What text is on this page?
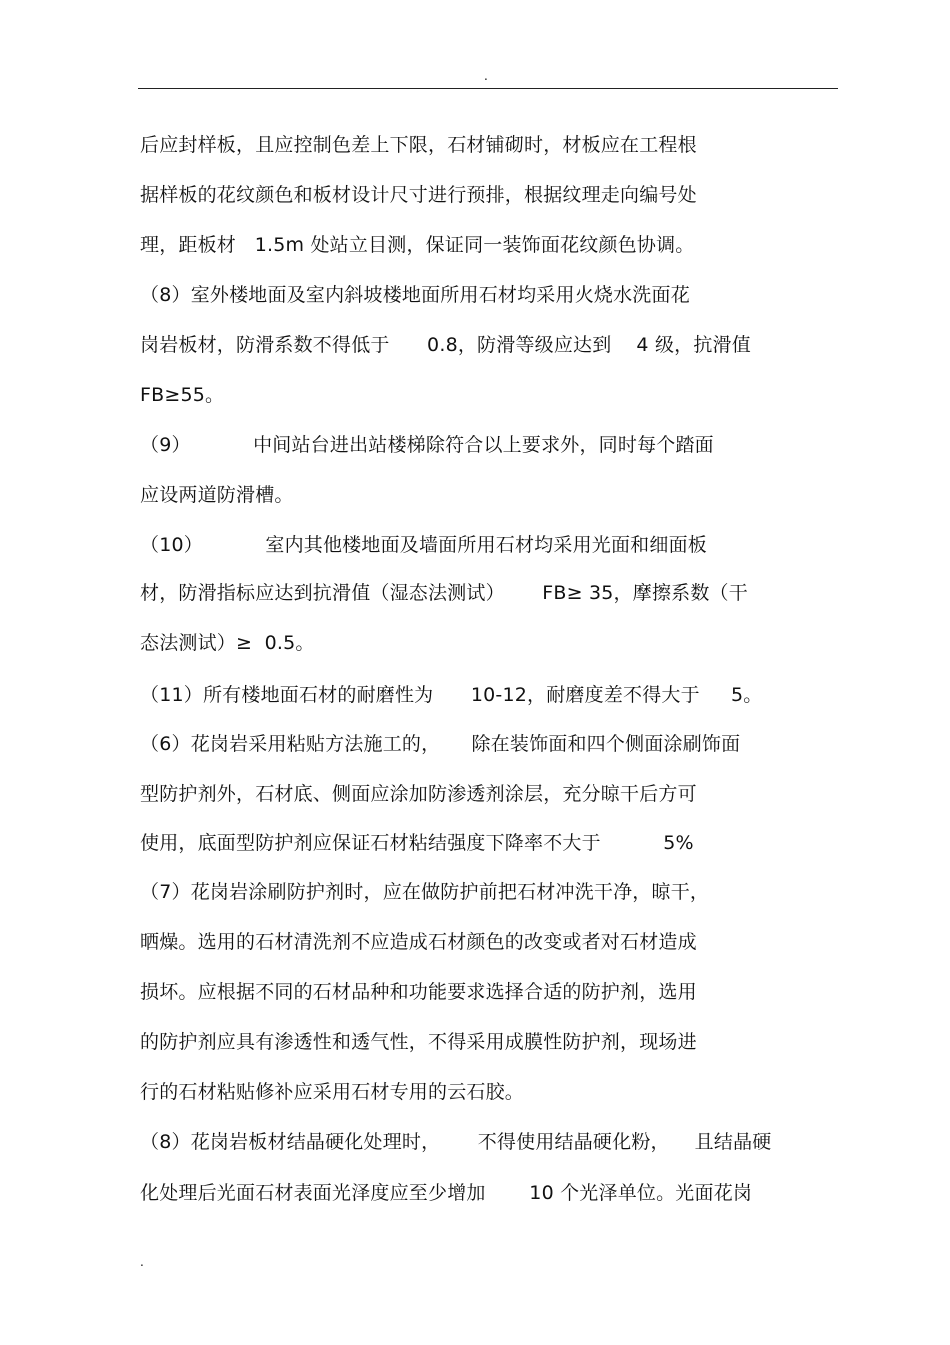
.
后应封样板，且应控制色差上下限，石材铺砌时，材板应在工程根
据样板的花纹颜色和板材设计尺寸进行预排，根据纹理走向编号处
理，距板材   1.5m 处站立目测，保证同一装饰面花纹颜色协调。
（8）室外楼地面及室内斜坡楼地面所用石材均采用火烧水洗面花
岗岩板材，防滑系数不得低于      0.8，防滑等级应达到    4 级，抗滑值
FB≥55。
（9）          中间站台进出站楼梯除符合以上要求外，同时每个踏面
应设两道防滑槽。
（10）          室内其他楼地面及墙面所用石材均采用光面和细面板
材，防滑指标应达到抗滑值（湿态法测试）      FB≥ 35，摩擦系数（干
态法测试）≥  0.5。
（11）所有楼地面石材的耐磨性为      10-12，耐磨度差不得大于     5。
（6）花岗岩采用粘贴方法施工的，     除在装饰面和四个侧面涂刷饰面
型防护剂外，石材底、侧面应涂加防渗透剂涂层，充分晾干后方可
使用，底面型防护剂应保证石材粘结强度下降率不大于          5%
（7）花岗岩涂刷防护剂时，应在做防护前把石材冲洗干净，晾干，
晒燥。选用的石材清洗剂不应造成石材颜色的改变或者对石材造成
损坏。应根据不同的石材品种和功能要求选择合适的防护剂，选用
的防护剂应具有渗透性和透气性，不得采用成膜性防护剂，现场进
行的石材粘贴修补应采用石材专用的云石胶。
（8）花岗岩板材结晶硬化处理时，      不得使用结晶硬化粉，    且结晶硬
化处理后光面石材表面光泽度应至少增加       10 个光泽单位。光面花岗
.
